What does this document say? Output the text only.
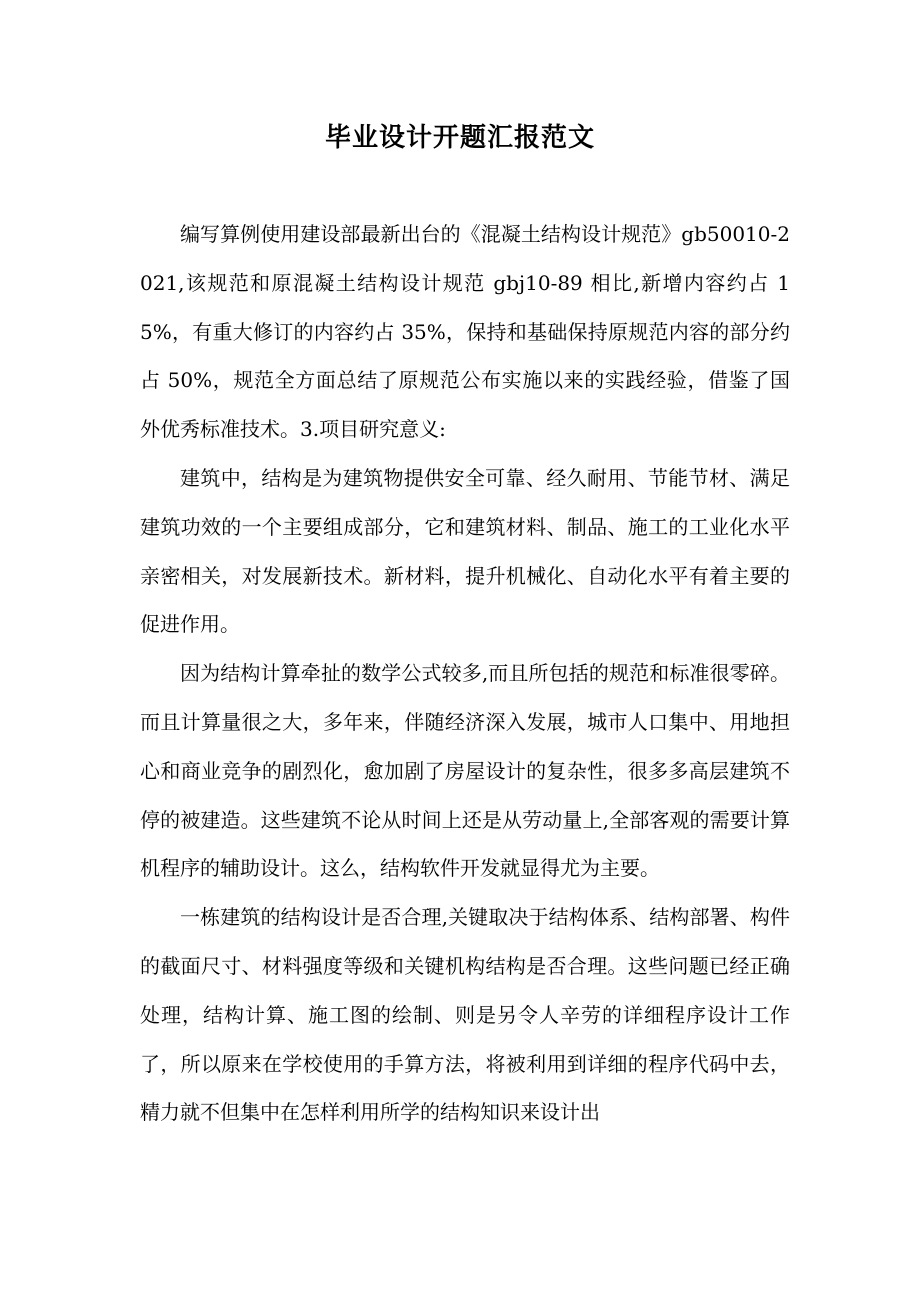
毕业设计开题汇报范文

编写算例使用建设部最新出台的《混凝土结构设计规范》gb50010-2021,该规范和原混凝土结构设计规范 gbj10-89 相比,新增内容约占 15%，有重大修订的内容约占 35%，保持和基础保持原规范内容的部分约占 50%，规范全方面总结了原规范公布实施以来的实践经验，借鉴了国外优秀标准技术。3.项目研究意义:

建筑中，结构是为建筑物提供安全可靠、经久耐用、节能节材、满足建筑功效的一个主要组成部分，它和建筑材料、制品、施工的工业化水平亲密相关，对发展新技术。新材料，提升机械化、自动化水平有着主要的促进作用。

因为结构计算牵扯的数学公式较多,而且所包括的规范和标准很零碎。而且计算量很之大，多年来，伴随经济深入发展，城市人口集中、用地担心和商业竞争的剧烈化，愈加剧了房屋设计的复杂性，很多多高层建筑不停的被建造。这些建筑不论从时间上还是从劳动量上,全部客观的需要计算机程序的辅助设计。这么，结构软件开发就显得尤为主要。

一栋建筑的结构设计是否合理,关键取决于结构体系、结构部署、构件的截面尺寸、材料强度等级和关键机构结构是否合理。这些问题已经正确处理，结构计算、施工图的绘制、则是另令人辛劳的详细程序设计工作了，所以原来在学校使用的手算方法，将被利用到详细的程序代码中去，精力就不但集中在怎样利用所学的结构知识来设计出
